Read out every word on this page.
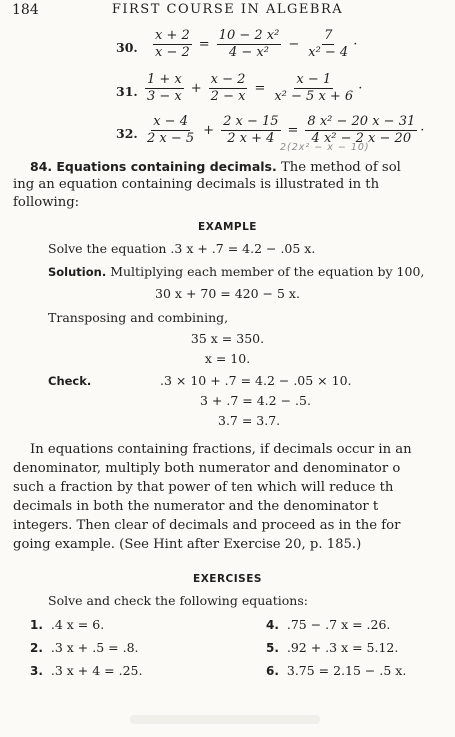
184	FIRST COURSE IN ALGEBRA
30. $\frac{x + 2}{x - 2} = \frac{\text{10 − 2 x²}}{\text{4 − x²}} - \frac{7}{\text{x² − 4}}$ ·
31. $\frac{1 + x}{3 - x} + \frac{x - 2}{2 - x} = \frac{x - 1}{\text{x² − 5 x + 6}}$ ·
32. $\frac{x - 4}{2 x - 5} + \frac{2 x - 15}{2 x + 4} = \frac{\text{8 x² − 20 x − 31}}{\text{4 x² − 2 x − 20}}$ ·
2(2x² − x − 10)
84. Equations containing decimals. The method of sol
ing an equation containing decimals is illustrated in th
following:
EXAMPLE
Solve the equation .3 x + .7 = 4.2 − .05 x.
Solution. Multiplying each member of the equation by 100,
30 x + 70 = 420 − 5 x.
Transposing and combining,
35 x = 350.
x = 10.
Check.	.3 × 10 + .7 = 4.2 − .05 × 10.
3 + .7 = 4.2 − .5.
3.7 = 3.7.
In equations containing fractions, if decimals occur in an
denominator, multiply both numerator and denominator o
such a fraction by that power of ten which will reduce th
decimals in both the numerator and the denominator t
integers. Then clear of decimals and proceed as in the for
going example. (See Hint after Exercise 20, p. 185.)
EXERCISES
Solve and check the following equations:
1. .4 x = 6.	4. .75 − .7 x = .26.
2. .3 x + .5 = .8.	5. .92 + .3 x = 5.12.
3. .3 x + 4 = .25.	6. 3.75 = 2.15 − .5 x.
